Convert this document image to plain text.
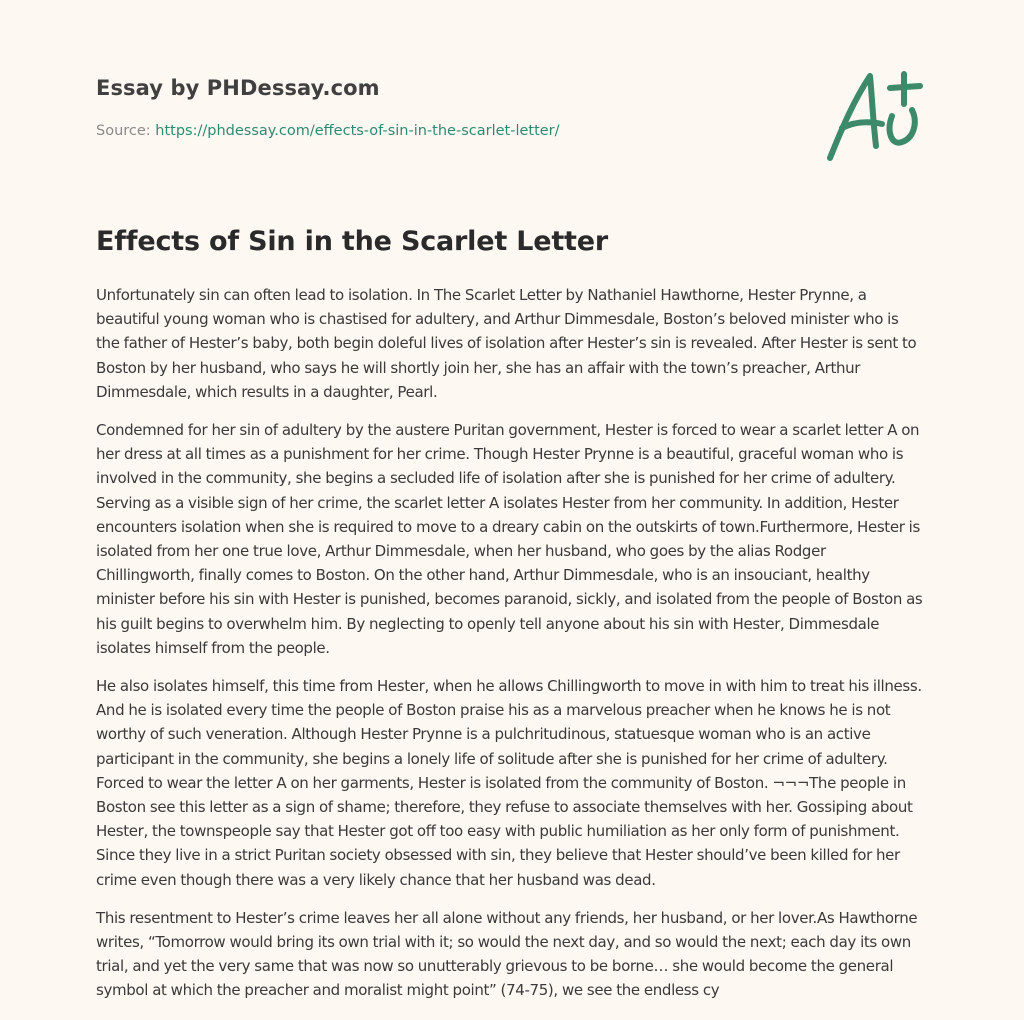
Essay by PHDessay.com
Source: https://phdessay.com/effects-of-sin-in-the-scarlet-letter/
Effects of Sin in the Scarlet Letter

Unfortunately sin can often lead to isolation. In The Scarlet Letter by Nathaniel Hawthorne, Hester Prynne, a beautiful young woman who is chastised for adultery, and Arthur Dimmesdale, Boston’s beloved minister who is the father of Hester’s baby, both begin doleful lives of isolation after Hester’s sin is revealed. After Hester is sent to Boston by her husband, who says he will shortly join her, she has an affair with the town’s preacher, Arthur Dimmesdale, which results in a daughter, Pearl.

Condemned for her sin of adultery by the austere Puritan government, Hester is forced to wear a scarlet letter A on her dress at all times as a punishment for her crime. Though Hester Prynne is a beautiful, graceful woman who is involved in the community, she begins a secluded life of isolation after she is punished for her crime of adultery. Serving as a visible sign of her crime, the scarlet letter A isolates Hester from her community. In addition, Hester encounters isolation when she is required to move to a dreary cabin on the outskirts of town.Furthermore, Hester is isolated from her one true love, Arthur Dimmesdale, when her husband, who goes by the alias Rodger Chillingworth, finally comes to Boston. On the other hand, Arthur Dimmesdale, who is an insouciant, healthy minister before his sin with Hester is punished, becomes paranoid, sickly, and isolated from the people of Boston as his guilt begins to overwhelm him. By neglecting to openly tell anyone about his sin with Hester, Dimmesdale isolates himself from the people.

He also isolates himself, this time from Hester, when he allows Chillingworth to move in with him to treat his illness. And he is isolated every time the people of Boston praise his as a marvelous preacher when he knows he is not worthy of such veneration. Although Hester Prynne is a pulchritudinous, statuesque woman who is an active participant in the community, she begins a lonely life of solitude after she is punished for her crime of adultery. Forced to wear the letter A on her garments, Hester is isolated from the community of Boston. ¬¬¬The people in Boston see this letter as a sign of shame; therefore, they refuse to associate themselves with her. Gossiping about Hester, the townspeople say that Hester got off too easy with public humiliation as her only form of punishment. Since they live in a strict Puritan society obsessed with sin, they believe that Hester should’ve been killed for her crime even though there was a very likely chance that her husband was dead.

This resentment to Hester’s crime leaves her all alone without any friends, her husband, or her lover.As Hawthorne writes, “Tomorrow would bring its own trial with it; so would the next day, and so would the next; each day its own trial, and yet the very same that was now so unutterably grievous to be borne… she would become the general symbol at which the preacher and moralist might point” (74-75), we see the endless cy
